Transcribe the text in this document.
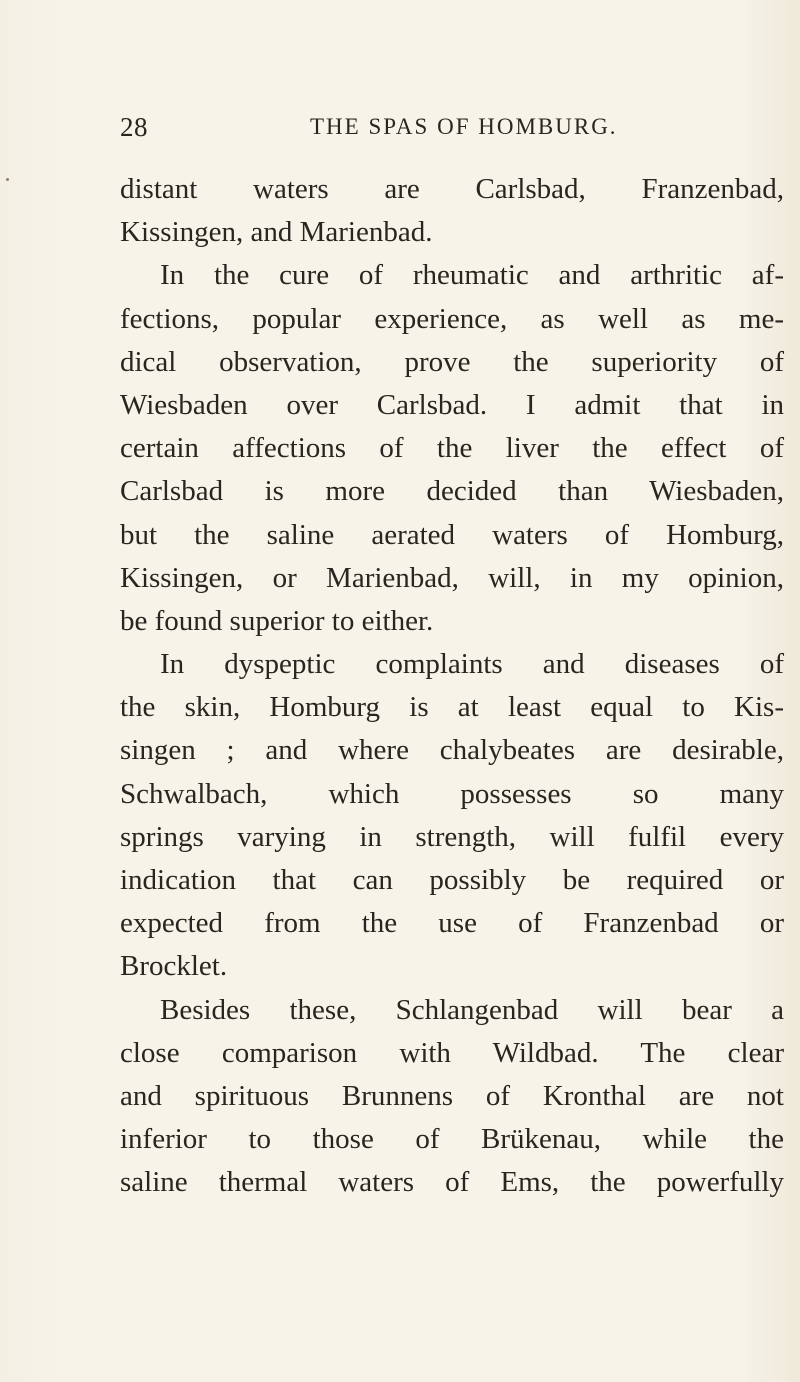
28	THE SPAS OF HOMBURG.
distant waters are Carlsbad, Franzenbad,
Kissingen, and Marienbad.
In the cure of rheumatic and arthritic af-
fections, popular experience, as well as me-
dical observation, prove the superiority of
Wiesbaden over Carlsbad. I admit that in
certain affections of the liver the effect of
Carlsbad is more decided than Wiesbaden,
but the saline aerated waters of Homburg,
Kissingen, or Marienbad, will, in my opinion,
be found superior to either.
In dyspeptic complaints and diseases of
the skin, Homburg is at least equal to Kis-
singen ; and where chalybeates are desirable,
Schwalbach, which possesses so many
springs varying in strength, will fulfil every
indication that can possibly be required or
expected from the use of Franzenbad or
Brocklet.
Besides these, Schlangenbad will bear a
close comparison with Wildbad. The clear
and spirituous Brunnens of Kronthal are not
inferior to those of Brükenau, while the
saline thermal waters of Ems, the powerfully
